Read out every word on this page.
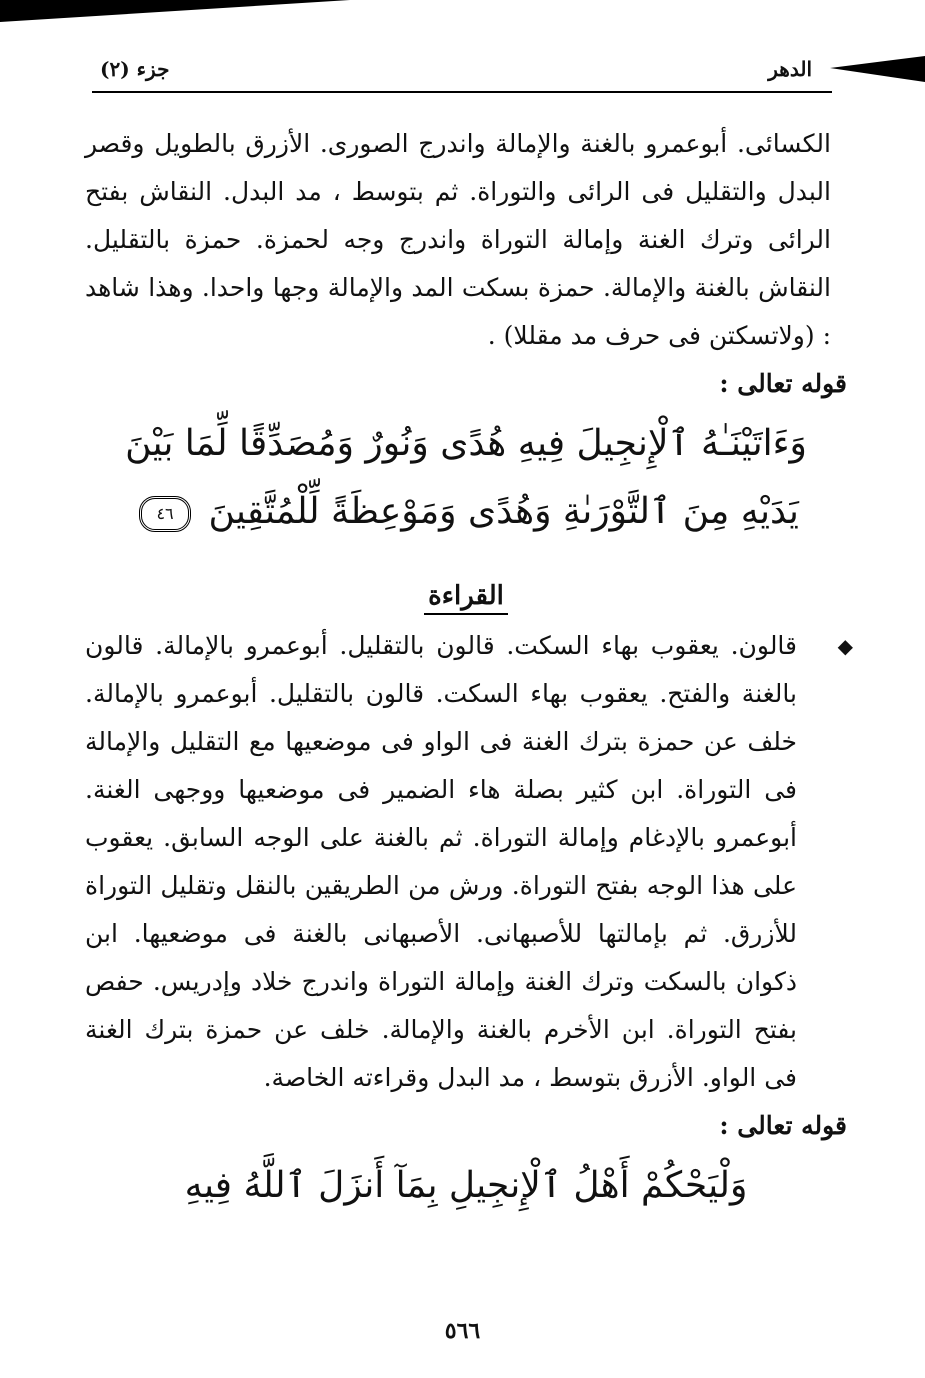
جزء (٢)	الدهر

الكسائى. أبوعمرو بالغنة والإمالة واندرج الصورى. الأزرق بالطويل وقصر البدل والتقليل فى الرائى والتوراة. ثم بتوسط ، مد البدل. النقاش بفتح الرائى وترك الغنة وإمالة التوراة واندرج وجه لحمزة. حمزة بالتقليل. النقاش بالغنة والإمالة. حمزة بسكت المد والإمالة وجها واحدا. وهذا شاهد : (ولاتسكتن فى حرف مد مقللا) .

قوله تعالى :
وَءَاتَيْنَـٰهُ ٱلْإِنجِيلَ فِيهِ هُدًى وَنُورٌ وَمُصَدِّقًا لِّمَا بَيْنَ يَدَيْهِ مِنَ ٱلتَّوْرَىٰةِ وَهُدًى وَمَوْعِظَةً لِّلْمُتَّقِينَ ٤٦
القراءة

◆
قالون. يعقوب بهاء السكت. قالون بالتقليل. أبوعمرو بالإمالة. قالون بالغنة والفتح. يعقوب بهاء السكت. قالون بالتقليل. أبوعمرو بالإمالة. خلف عن حمزة بترك الغنة فى الواو فى موضعيها مع التقليل والإمالة فى التوراة. ابن كثير بصلة هاء الضمير فى موضعيها ووجهى الغنة. أبوعمرو بالإدغام وإمالة التوراة. ثم بالغنة على الوجه السابق. يعقوب على هذا الوجه بفتح التوراة. ورش من الطريقين بالنقل وتقليل التوراة للأزرق. ثم بإمالتها للأصبهانى. الأصبهانى بالغنة فى موضعيها. ابن ذكوان بالسكت وترك الغنة وإمالة التوراة واندرج خلاد وإدريس. حفص بفتح التوراة. ابن الأخرم بالغنة والإمالة. خلف عن حمزة بترك الغنة فى الواو. الأزرق بتوسط ، مد البدل وقراءته الخاصة.

قوله تعالى :
وَلْيَحْكُمْ أَهْلُ ٱلْإِنجِيلِ بِمَآ أَنزَلَ ٱللَّهُ فِيهِ
٥٦٦
